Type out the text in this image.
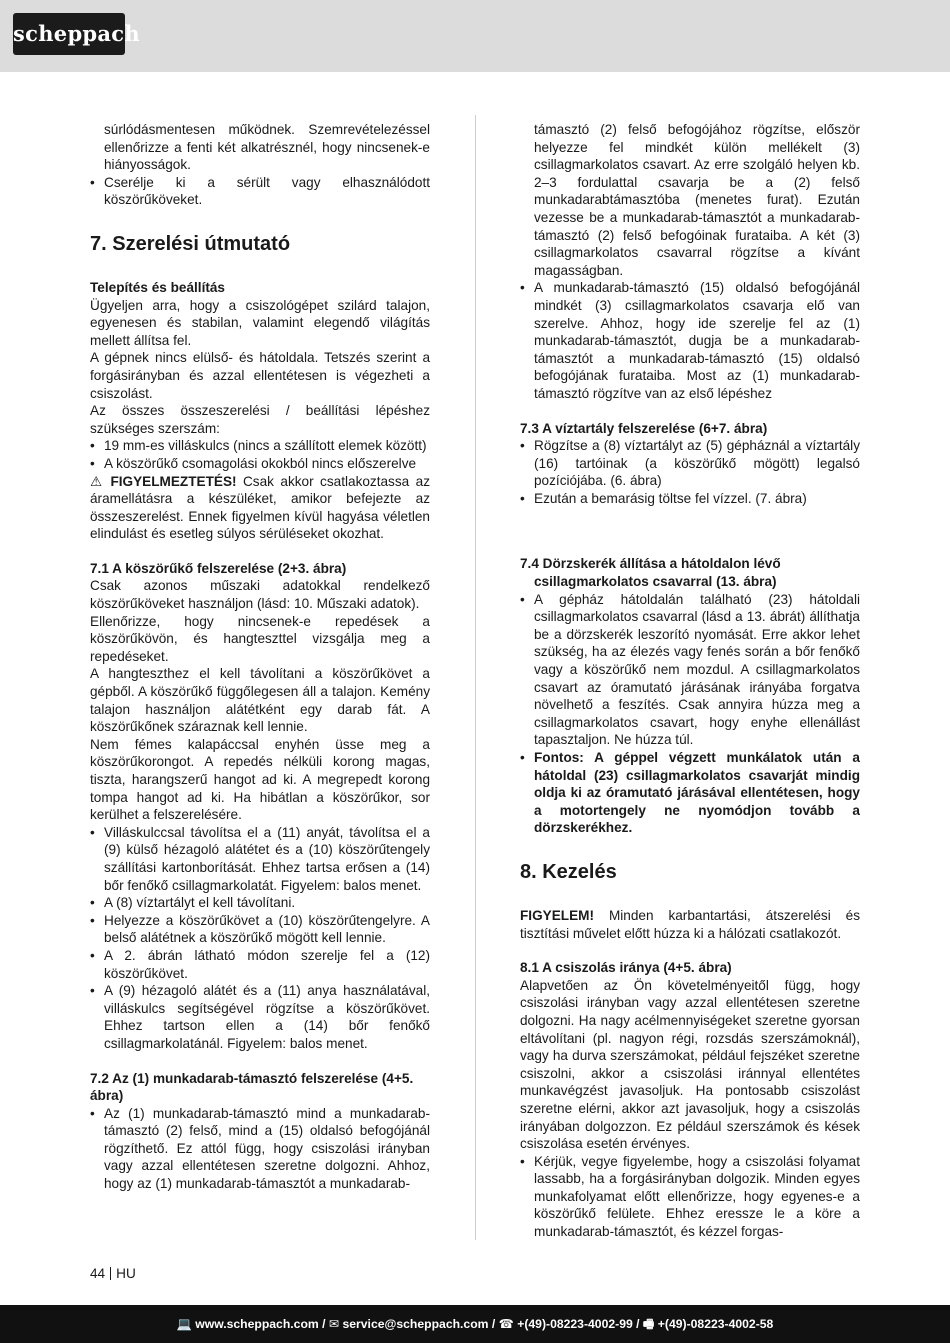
scheppach

súrlódásmentesen működnek. Szemrevételezéssel ellenőrizze a fenti két alkatrésznél, hogy nincsenek-e hiányosságok.

• Cserélje ki a sérült vagy elhasználódott köszörűköveket.
7. Szerelési útmutató
Telepítés és beállítás

Ügyeljen arra, hogy a csiszológépet szilárd talajon, egyenesen és stabilan, valamint elegendő világítás mellett állítsa fel.

A gépnek nincs elülső- és hátoldala. Tetszés szerint a forgásirányban és azzal ellentétesen is végezheti a csiszolást.

Az összes összeszerelési / beállítási lépéshez szükséges szerszám:

• 19 mm-es villáskulcs (nincs a szállított elemek között)
• A köszörűkő csomagolási okokból nincs előszerelve

⚠ FIGYELMEZTETÉS! Csak akkor csatlakoztassa az áramellátásra a készüléket, amikor befejezte az összeszerelést. Ennek figyelmen kívül hagyása véletlen elindulást és esetleg súlyos sérüléseket okozhat.

7.1 A köszörűkő felszerelése (2+3. ábra)

Csak azonos műszaki adatokkal rendelkező köszörűköveket használjon (lásd: 10. Műszaki adatok).

Ellenőrizze, hogy nincsenek-e repedések a köszörűkövön, és hangteszttel vizsgálja meg a repedéseket.

A hangteszthez el kell távolítani a köszörűkövet a gépből. A köszörűkő függőlegesen áll a talajon. Kemény talajon használjon alátétként egy darab fát. A köszörűkőnek száraznak kell lennie.

Nem fémes kalapáccsal enyhén üsse meg a köszörűkorongot. A repedés nélküli korong magas, tiszta, harangszerű hangot ad ki. A megrepedt korong tompa hangot ad ki. Ha hibátlan a köszörűkor, sor kerülhet a felszerelésére.

• Villáskulccsal távolítsa el a (11) anyát, távolítsa el a (9) külső hézagoló alátétet és a (10) köszörűtengely szállítási kartonborítását. Ehhez tartsa erősen a (14) bőr fenőkő csillagmarkolatát. Figyelem: balos menet.
• A (8) víztartályt el kell távolítani.
• Helyezze a köszörűkövet a (10) köszörűtengelyre. A belső alátétnek a köszörűkő mögött kell lennie.
• A 2. ábrán látható módon szerelje fel a (12) köszörűkövet.
• A (9) hézagoló alátét és a (11) anya használatával, villáskulcs segítségével rögzítse a köszörűkövet. Ehhez tartson ellen a (14) bőr fenőkő csillagmarkolatánál. Figyelem: balos menet.
7.2 Az (1) munkadarab-támasztó felszerelése (4+5. ábra)
• Az (1) munkadarab-támasztó mind a munkadarab-támasztó (2) felső, mind a (15) oldalsó befogójánál rögzíthető. Ez attól függ, hogy csiszolási irányban vagy azzal ellentétesen szeretne dolgozni. Ahhoz, hogy az (1) munkadarab-támasztót a munkadarab-

támasztó (2) felső befogójához rögzítse, először helyezze fel mindkét külön mellékelt (3) csillagmarkolatos csavart. Az erre szolgáló helyen kb. 2–3 fordulattal csavarja be a (2) felső munkadarabtámasztóba (menetes furat). Ezután vezesse be a munkadarab-támasztót a munkadarab-támasztó (2) felső befogóinak furataiba. A két (3) csillagmarkolatos csavarral rögzítse a kívánt magasságban.

• A munkadarab-támasztó (15) oldalsó befogójánál mindkét (3) csillagmarkolatos csavarja elő van szerelve. Ahhoz, hogy ide szerelje fel az (1) munkadarab-támasztót, dugja be a munkadarab-támasztót a munkadarab-támasztó (15) oldalsó befogójának furataiba. Most az (1) munkadarab-támasztó rögzítve van az első lépéshez
7.3 A víztartály felszerelése (6+7. ábra)
• Rögzítse a (8) víztartályt az (5) gépháznál a víztartály (16) tartóinak (a köszörűkő mögött) legalsó pozíciójába. (6. ábra)
• Ezután a bemarásig töltse fel vízzel. (7. ábra)
7.4 Dörzskerék állítása a hátoldalon lévő csillagmarkolatos csavarral (13. ábra)
• A gépház hátoldalán található (23) hátoldali csillagmarkolatos csavarral (lásd a 13. ábrát) állíthatja be a dörzskerék leszorító nyomását. Erre akkor lehet szükség, ha az élezés vagy fenés során a bőr fenőkő vagy a köszörűkő nem mozdul. A csillagmarkolatos csavart az óramutató járásának irányába forgatva növelhető a feszítés. Csak annyira húzza meg a csillagmarkolatos csavart, hogy enyhe ellenállást tapasztaljon. Ne húzza túl.
• Fontos: A géppel végzett munkálatok után a hátoldal (23) csillagmarkolatos csavarját mindig oldja ki az óramutató járásával ellentétesen, hogy a motortengely ne nyomódjon tovább a dörzskerékhez.
8. Kezelés

FIGYELEM! Minden karbantartási, átszerelési és tisztítási művelet előtt húzza ki a hálózati csatlakozót.

8.1 A csiszolás iránya (4+5. ábra)

Alapvetően az Ön követelményeitől függ, hogy csiszolási irányban vagy azzal ellentétesen szeretne dolgozni. Ha nagy acélmennyiségeket szeretne gyorsan eltávolítani (pl. nagyon régi, rozsdás szerszámoknál), vagy ha durva szerszámokat, például fejszéket szeretne csiszolni, akkor a csiszolási iránnyal ellentétes munkavégzést javasoljuk. Ha pontosabb csiszolást szeretne elérni, akkor azt javasoljuk, hogy a csiszolás irányában dolgozzon. Ez például szerszámok és kések csiszolása esetén érvényes.

• Kérjük, vegye figyelembe, hogy a csiszolási folyamat lassabb, ha a forgásirányban dolgozik. Minden egyes munkafolyamat előtt ellenőrizze, hogy egyenes-e a köszörűkő felülete. Ehhez eressze le a köre a munkadarab-támasztót, és kézzel forgas-
44 HU
💻 www.scheppach.com / ✉ service@scheppach.com / ☎ +(49)-08223-4002-99 / 🖷 +(49)-08223-4002-58
